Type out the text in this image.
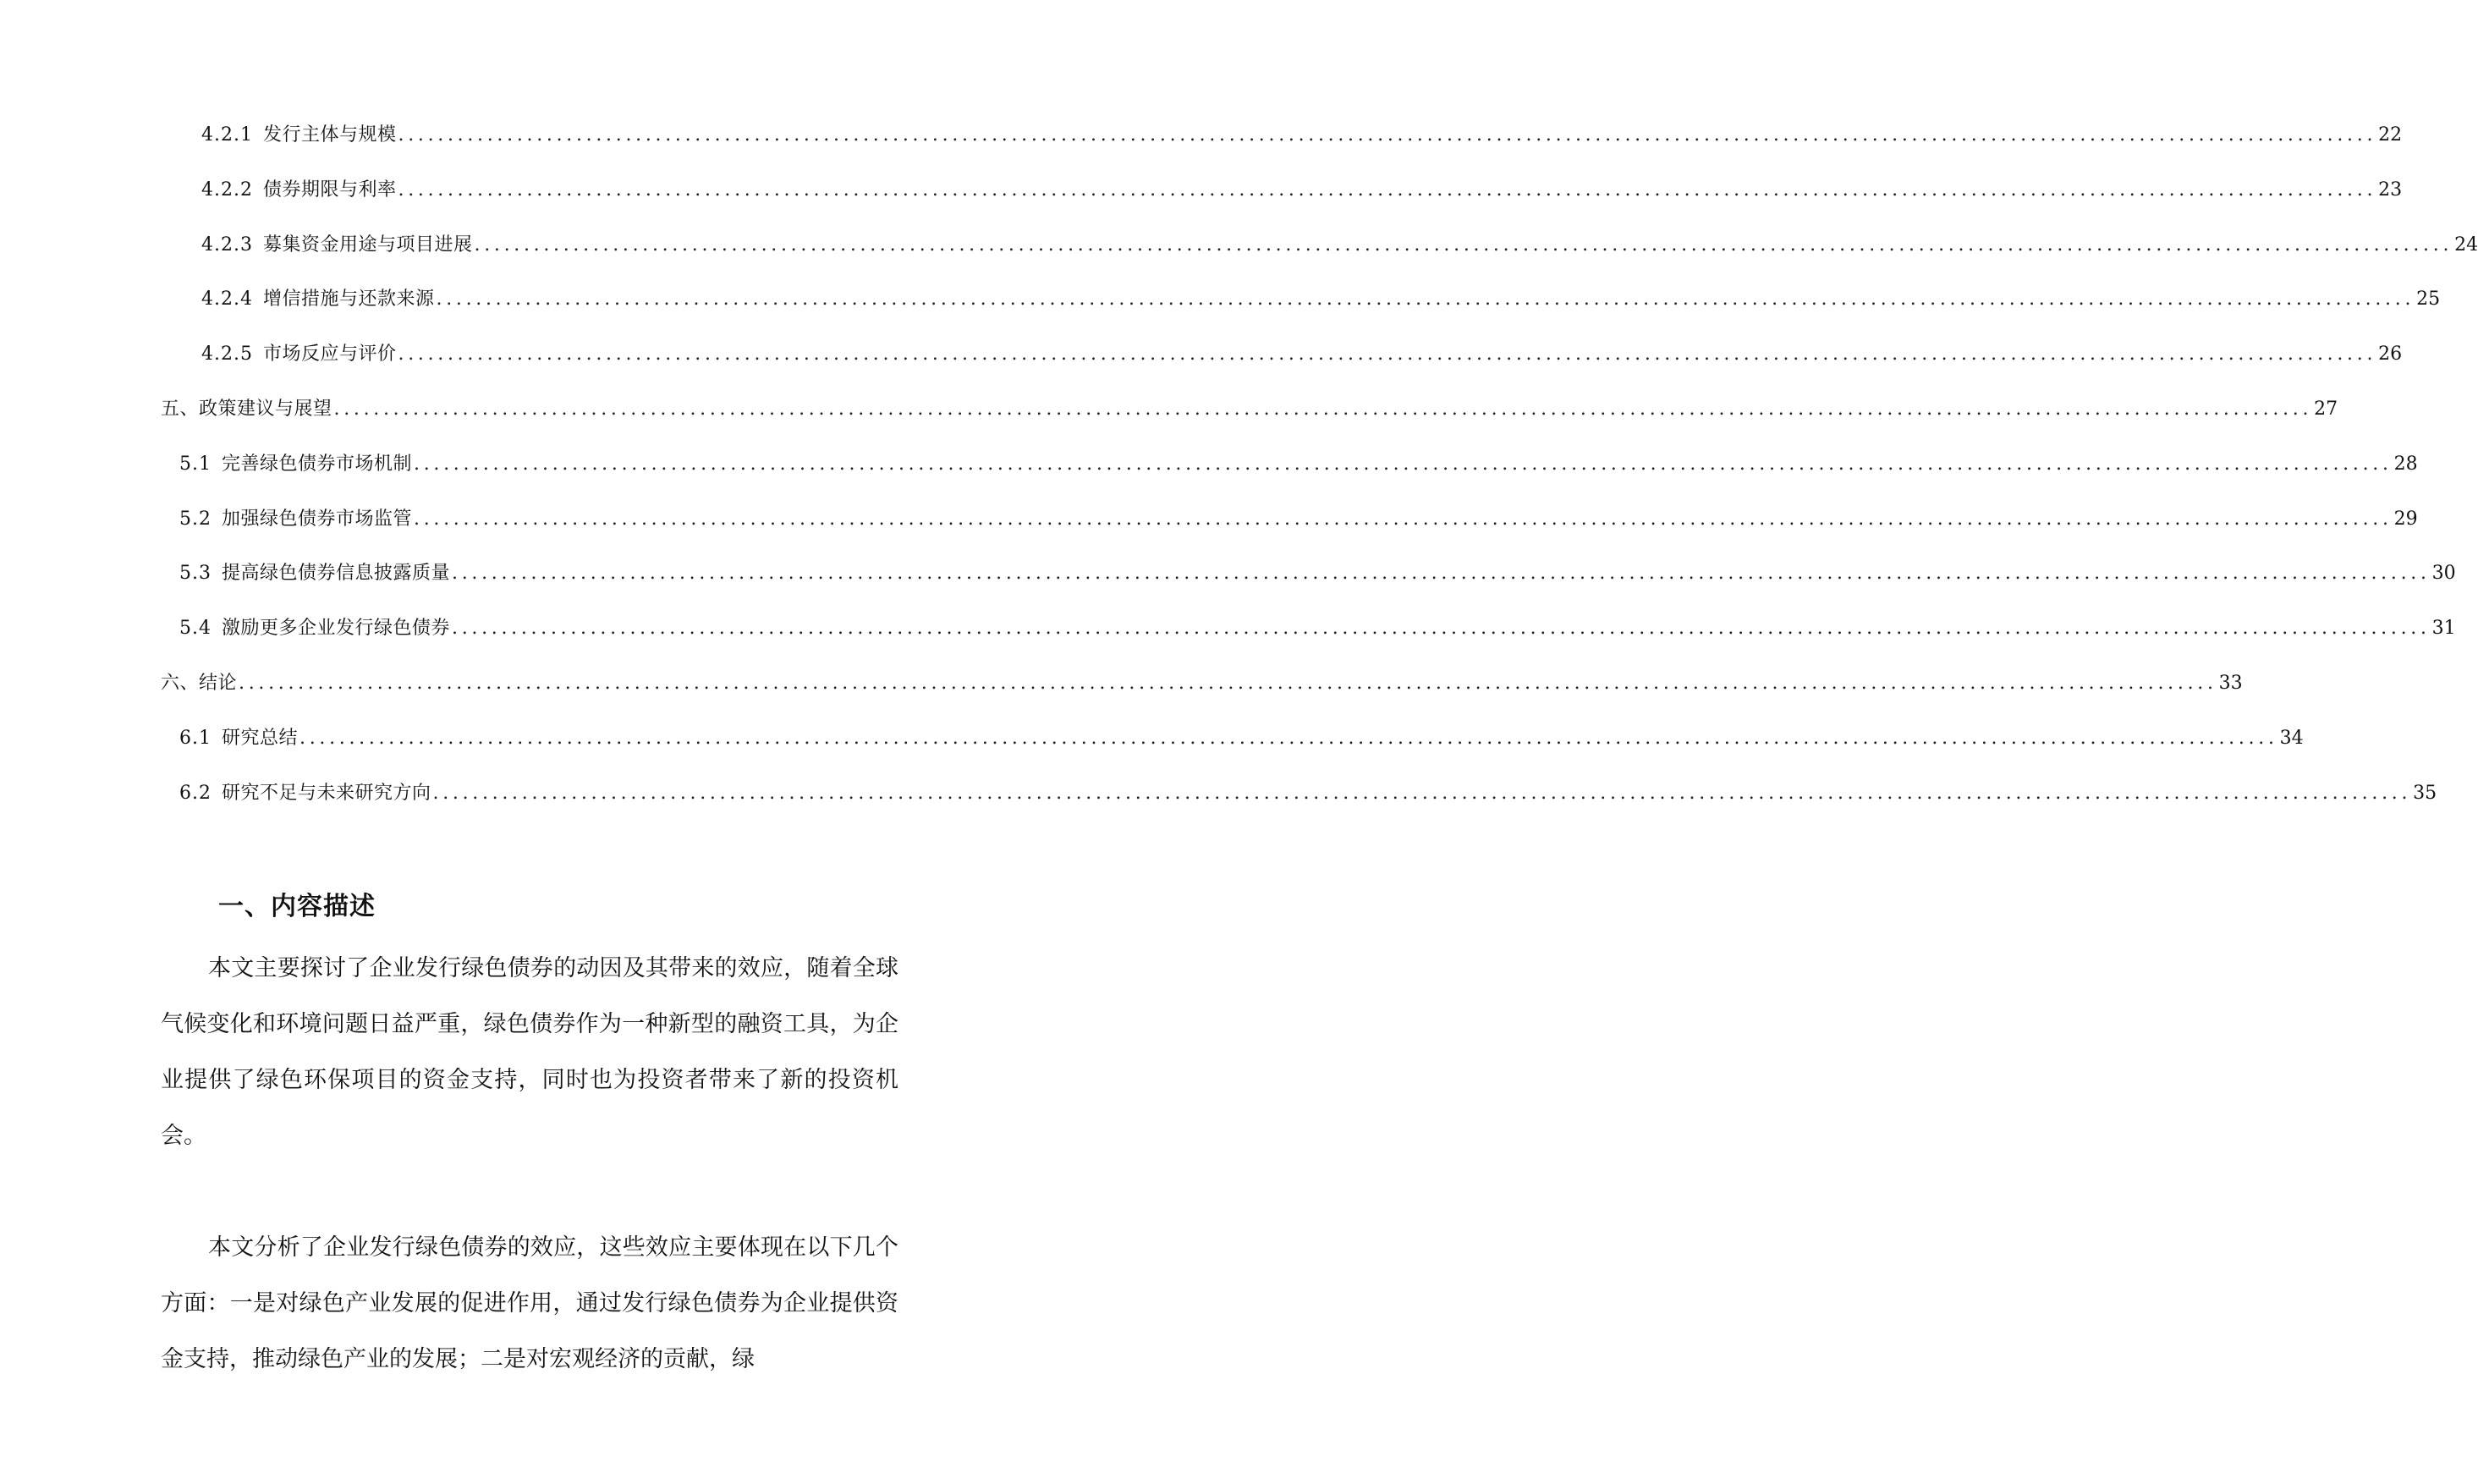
4.2.1 发行主体与规模 ........................................................................................................................................................................................................ 22
4.2.2 债券期限与利率 ........................................................................................................................................................................................................ 23
4.2.3 募集资金用途与项目进展 ........................................................................................................................................................................................................ 24
4.2.4 增信措施与还款来源 ........................................................................................................................................................................................................ 25
4.2.5 市场反应与评价 ........................................................................................................................................................................................................ 26
五、政策建议与展望 ........................................................................................................................................................................................................ 27
5.1 完善绿色债券市场机制 ........................................................................................................................................................................................................ 28
5.2 加强绿色债券市场监管 ........................................................................................................................................................................................................ 29
5.3 提高绿色债券信息披露质量 ........................................................................................................................................................................................................ 30
5.4 激励更多企业发行绿色债券 ........................................................................................................................................................................................................ 31
六、结论 ........................................................................................................................................................................................................ 33
6.1 研究总结 ........................................................................................................................................................................................................ 34
6.2 研究不足与未来研究方向 ........................................................................................................................................................................................................ 35
一、内容描述

本文主要探讨了企业发行绿色债券的动因及其带来的效应，随着全球气候变化和环境问题日益严重，绿色债券作为一种新型的融资工具，为企业提供了绿色环保项目的资金支持，同时也为投资者带来了新的投资机会。

本文分析了企业发行绿色债券的效应，这些效应主要体现在以下几个方面：一是对绿色产业发展的促进作用，通过发行绿色债券为企业提供资金支持，推动绿色产业的发展；二是对宏观经济的贡献，绿
